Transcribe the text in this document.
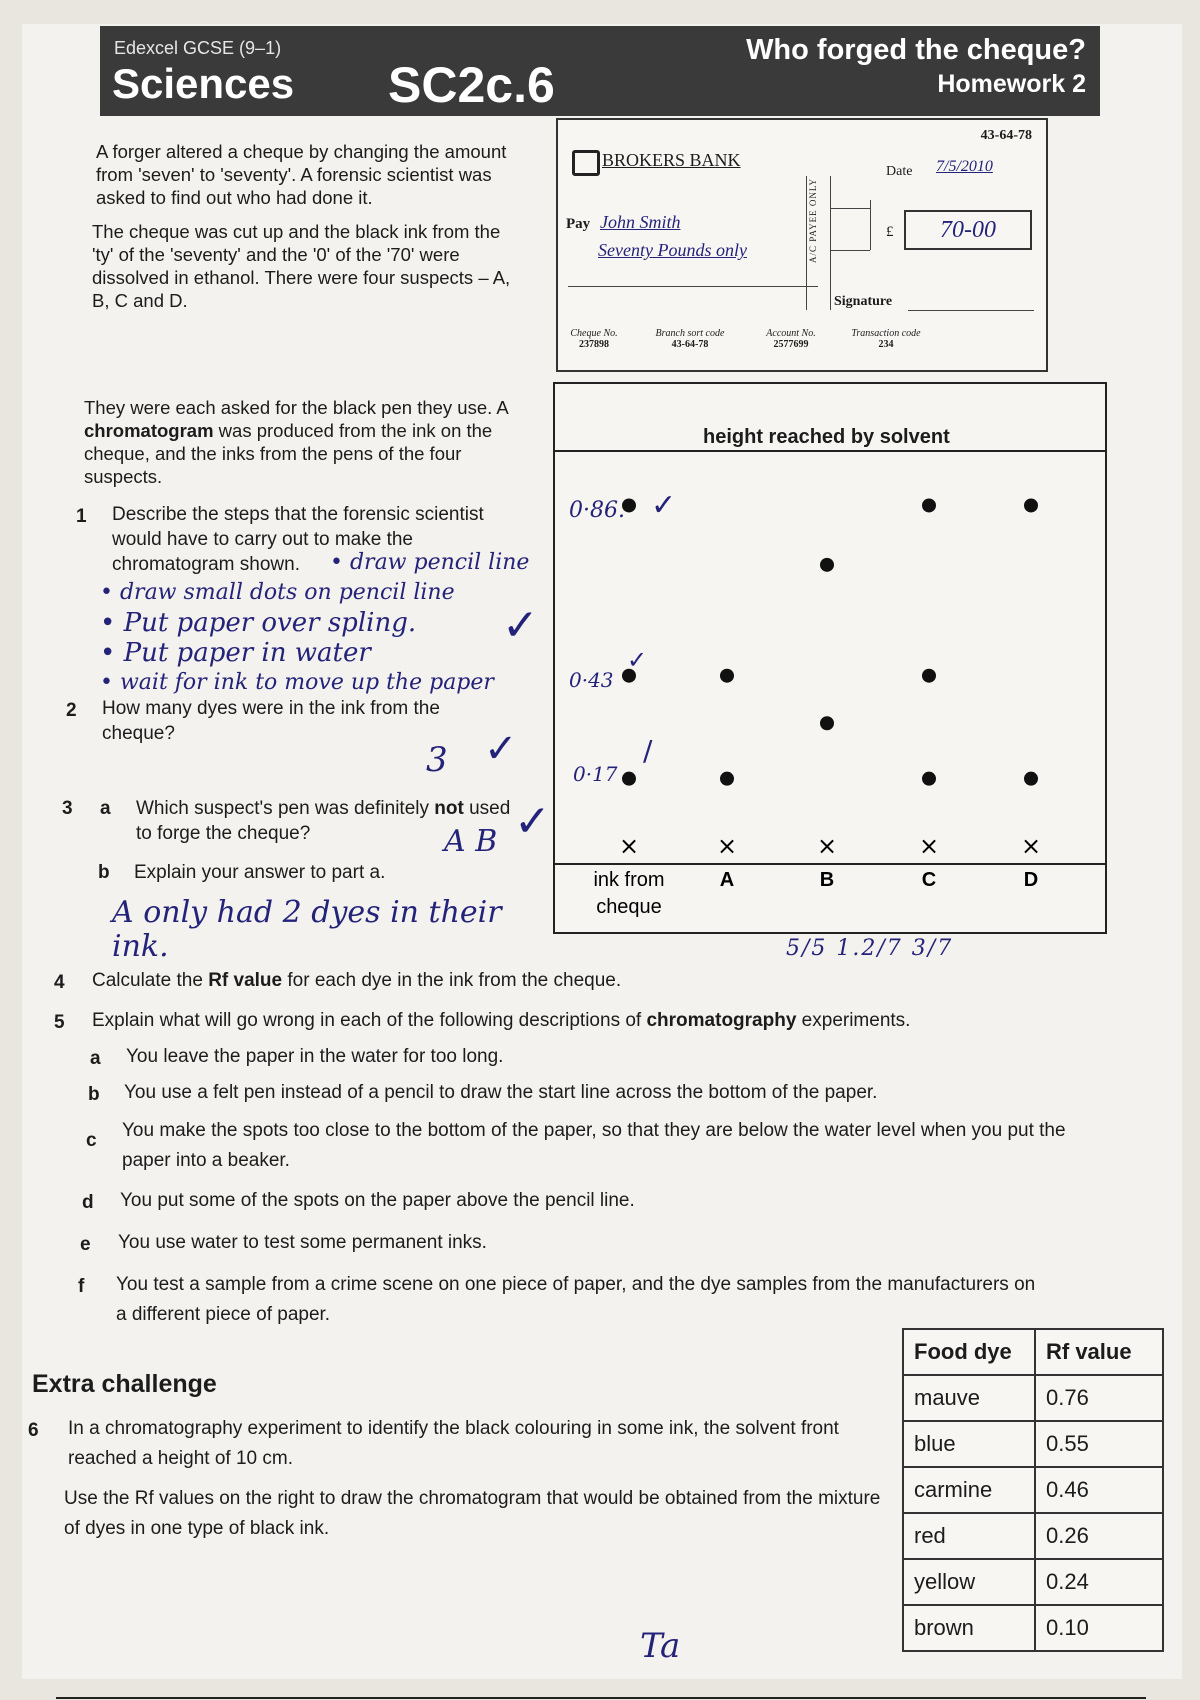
Edexcel GCSE (9–1)
Sciences SC2c.6
Who forged the cheque?
Homework 2
A forger altered a cheque by changing the amount from 'seven' to 'seventy'. A forensic scientist was asked to find out who had done it.
The cheque was cut up and the black ink from the 'ty' of the 'seventy' and the '0' of the '70' were dissolved in ethanol. There were four suspects – A, B, C and D.
They were each asked for the black pen they use. A chromatogram was produced from the ink on the cheque, and the inks from the pens of the four suspects.
43-64-78
BROKERS BANK
Date 7/5/2010
Pay John Smith
Seventy Pounds only	A/C PAYEE ONLY	£	70-00
Signature
Cheque No.
237898
Branch sort code
43-64-78
Account No.
2577699
Transaction code
234
height reached by solvent
×
ink from
cheque
×
A
×
B
×
C
×
D
0·86. ✓
0·43
✓
0·17
/
1 Describe the steps that the forensic scientist would have to carry out to make the chromatogram shown.	• draw pencil line
• draw small dots on pencil line
• Put paper over spling.
• Put paper in water
• wait for ink to move up the paper
✓
2 How many dyes were in the ink from the cheque?
3 ✓
3 a Which suspect's pen was definitely not used to forge the cheque?	A B ✓
b Explain your answer to part a.
A only had 2 dyes in their ink.
4 Calculate the Rf value for each dye in the ink from the cheque.
5/5 1.2/7 3/7
5 Explain what will go wrong in each of the following descriptions of chromatography experiments.
a You leave the paper in the water for too long.
b You use a felt pen instead of a pencil to draw the start line across the bottom of the paper.
c You make the spots too close to the bottom of the paper, so that they are below the water level when you put the paper into a beaker.
d You put some of the spots on the paper above the pencil line.
e You use water to test some permanent inks.
f You test a sample from a crime scene on one piece of paper, and the dye samples from the manufacturers on a different piece of paper.
Extra challenge
6 In a chromatography experiment to identify the black colouring in some ink, the solvent front reached a height of 10 cm.
Use the Rf values on the right to draw the chromatogram that would be obtained from the mixture of dyes in one type of black ink.
Food dye	Rf value
mauve	0.76
blue	0.55
carmine	0.46
red	0.26
yellow	0.24
brown	0.10
Ta
